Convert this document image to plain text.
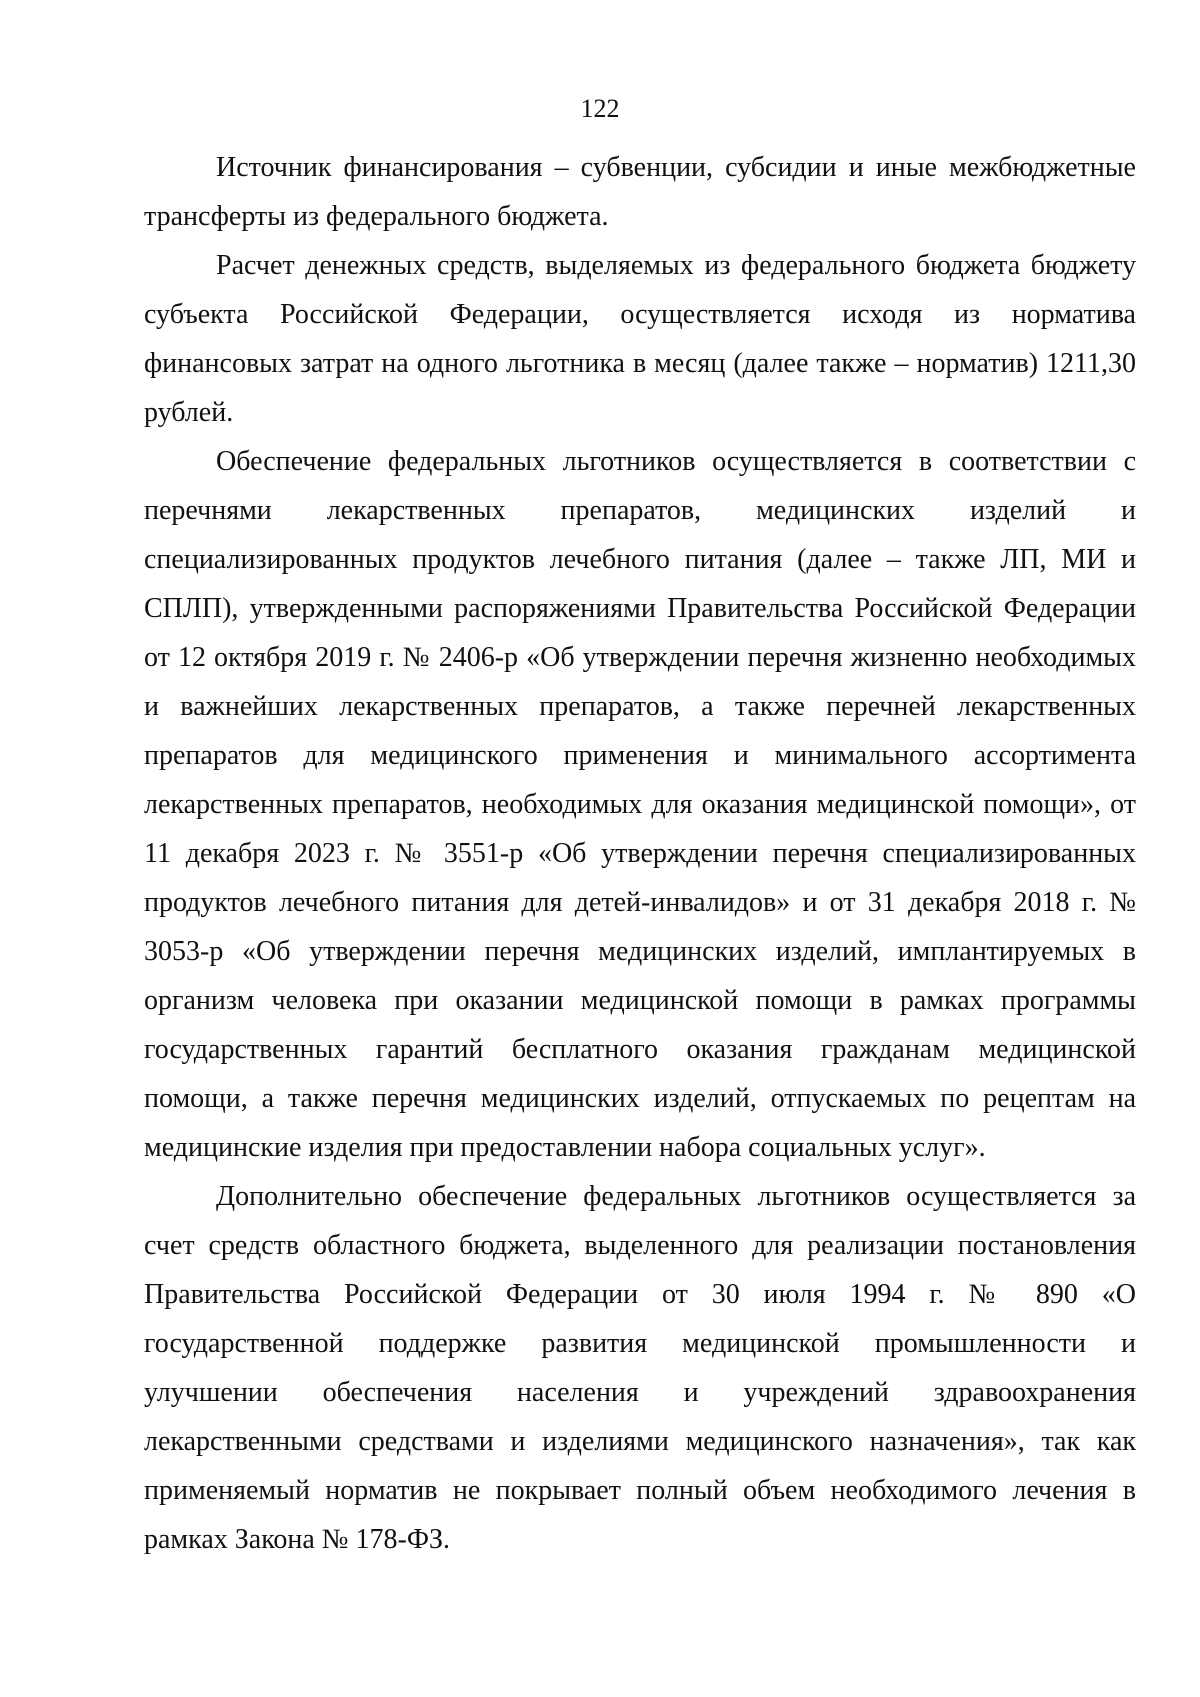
122

Источник финансирования – субвенции, субсидии и иные межбюджетные трансферты из федерального бюджета.

Расчет денежных средств, выделяемых из федерального бюджета бюджету субъекта Российской Федерации, осуществляется исходя из норматива финансовых затрат на одного льготника в месяц (далее также – норматив) 1211,30 рублей.

Обеспечение федеральных льготников осуществляется в соответствии с перечнями лекарственных препаратов, медицинских изделий и специализированных продуктов лечебного питания (далее – также ЛП, МИ и СПЛП), утвержденными распоряжениями Правительства Российской Федерации от 12 октября 2019 г. № 2406-р «Об утверждении перечня жизненно необходимых и важнейших лекарственных препаратов, а также перечней лекарственных препаратов для медицинского применения и минимального ассортимента лекарственных препаратов, необходимых для оказания медицинской помощи», от 11 декабря 2023 г. № 3551-р «Об утверждении перечня специализированных продуктов лечебного питания для детей-инвалидов» и от 31 декабря 2018 г. № 3053-р «Об утверждении перечня медицинских изделий, имплантируемых в организм человека при оказании медицинской помощи в рамках программы государственных гарантий бесплатного оказания гражданам медицинской помощи, а также перечня медицинских изделий, отпускаемых по рецептам на медицинские изделия при предоставлении набора социальных услуг».

Дополнительно обеспечение федеральных льготников осуществляется за счет средств областного бюджета, выделенного для реализации постановления Правительства Российской Федерации от 30 июля 1994 г. № 890 «О государственной поддержке развития медицинской промышленности и улучшении обеспечения населения и учреждений здравоохранения лекарственными средствами и изделиями медицинского назначения», так как применяемый норматив не покрывает полный объем необходимого лечения в рамках Закона № 178-ФЗ.
